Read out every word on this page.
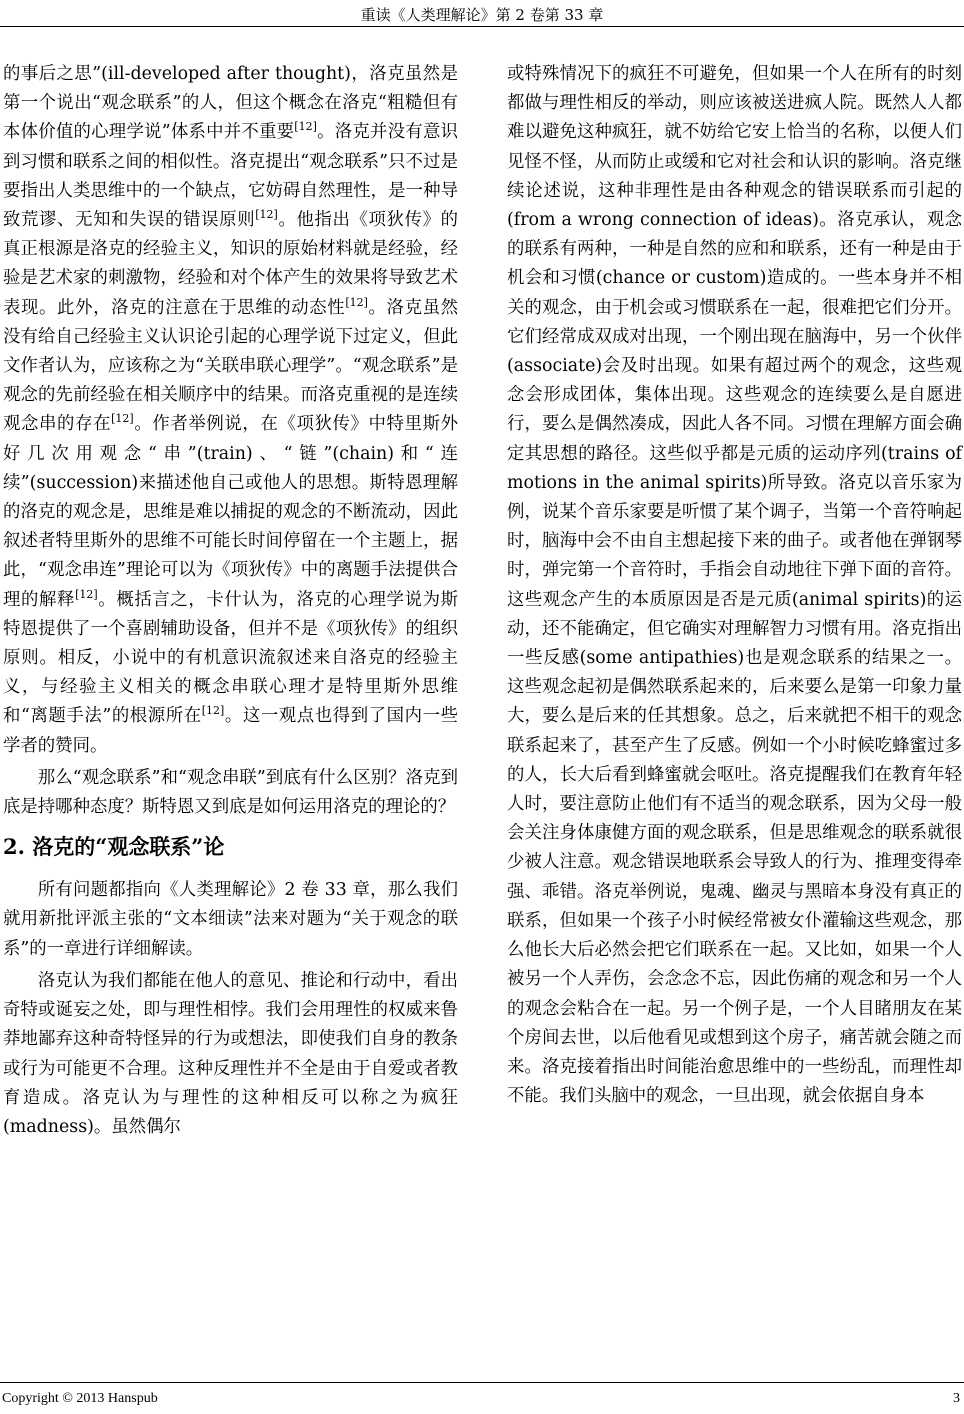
重读《人类理解论》第 2 卷第 33 章

的事后之思”(ill-developed after thought)，洛克虽然是第一个说出“观念联系”的人，但这个概念在洛克“粗糙但有本体价值的心理学说”体系中并不重要[12]。洛克并没有意识到习惯和联系之间的相似性。洛克提出“观念联系”只不过是要指出人类思维中的一个缺点，它妨碍自然理性，是一种导致荒谬、无知和失误的错误原则[12]。他指出《项狄传》的真正根源是洛克的经验主义，知识的原始材料就是经验，经验是艺术家的刺激物，经验和对个体产生的效果将导致艺术表现。此外，洛克的注意在于思维的动态性[12]。洛克虽然没有给自己经验主义认识论引起的心理学说下过定义，但此文作者认为，应该称之为“关联串联心理学”。“观念联系”是观念的先前经验在相关顺序中的结果。而洛克重视的是连续观念串的存在[12]。作者举例说，在《项狄传》中特里斯外好几次用观念“串”(train)、“链”(chain)和“连续”(succession)来描述他自己或他人的思想。斯特恩理解的洛克的观念是，思维是难以捕捉的观念的不断流动，因此叙述者特里斯外的思维不可能长时间停留在一个主题上，据此，“观念串连”理论可以为《项狄传》中的离题手法提供合理的解释[12]。概括言之，卡什认为，洛克的心理学说为斯特恩提供了一个喜剧辅助设备，但并不是《项狄传》的组织原则。相反，小说中的有机意识流叙述来自洛克的经验主义，与经验主义相关的概念串联心理才是特里斯外思维和“离题手法”的根源所在[12]。这一观点也得到了国内一些学者的赞同。

那么“观念联系”和“观念串联”到底有什么区别？洛克到底是持哪种态度？斯特恩又到底是如何运用洛克的理论的？

2. 洛克的“观念联系”论

所有问题都指向《人类理解论》2 卷 33 章，那么我们就用新批评派主张的“文本细读”法来对题为“关于观念的联系”的一章进行详细解读。

洛克认为我们都能在他人的意见、推论和行动中，看出奇特或诞妄之处，即与理性相悖。我们会用理性的权威来鲁莽地鄙弃这种奇特怪异的行为或想法，即使我们自身的教条或行为可能更不合理。这种反理性并不全是由于自爱或者教育造成。洛克认为与理性的这种相反可以称之为疯狂(madness)。虽然偶尔

或特殊情况下的疯狂不可避免，但如果一个人在所有的时刻都做与理性相反的举动，则应该被送进疯人院。既然人人都难以避免这种疯狂，就不妨给它安上恰当的名称，以便人们见怪不怪，从而防止或缓和它对社会和认识的影响。洛克继续论述说，这种非理性是由各种观念的错误联系而引起的(from a wrong connection of ideas)。洛克承认，观念的联系有两种，一种是自然的应和和联系，还有一种是由于机会和习惯(chance or custom)造成的。一些本身并不相关的观念，由于机会或习惯联系在一起，很难把它们分开。它们经常成双成对出现，一个刚出现在脑海中，另一个伙伴(associate)会及时出现。如果有超过两个的观念，这些观念会形成团体，集体出现。这些观念的连续要么是自愿进行，要么是偶然凑成，因此人各不同。习惯在理解方面会确定其思想的路径。这些似乎都是元质的运动序列(trains of motions in the animal spirits)所导致。洛克以音乐家为例，说某个音乐家要是听惯了某个调子，当第一个音符响起时，脑海中会不由自主想起接下来的曲子。或者他在弹钢琴时，弹完第一个音符时，手指会自动地往下弹下面的音符。这些观念产生的本质原因是否是元质(animal spirits)的运动，还不能确定，但它确实对理解智力习惯有用。洛克指出一些反感(some antipathies)也是观念联系的结果之一。这些观念起初是偶然联系起来的，后来要么是第一印象力量大，要么是后来的任其想象。总之，后来就把不相干的观念联系起来了，甚至产生了反感。例如一个小时候吃蜂蜜过多的人，长大后看到蜂蜜就会呕吐。洛克提醒我们在教育年轻人时，要注意防止他们有不适当的观念联系，因为父母一般会关注身体康健方面的观念联系，但是思维观念的联系就很少被人注意。观念错误地联系会导致人的行为、推理变得牵强、乖错。洛克举例说，鬼魂、幽灵与黑暗本身没有真正的联系，但如果一个孩子小时候经常被女仆灌输这些观念，那么他长大后必然会把它们联系在一起。又比如，如果一个人被另一个人弄伤，会念念不忘，因此伤痛的观念和另一个人的观念会粘合在一起。另一个例子是，一个人目睹朋友在某个房间去世，以后他看见或想到这个房子，痛苦就会随之而来。洛克接着指出时间能治愈思维中的一些纷乱，而理性却不能。我们头脑中的观念，一旦出现，就会依据自身本

Copyright © 2013 Hanspub	3
